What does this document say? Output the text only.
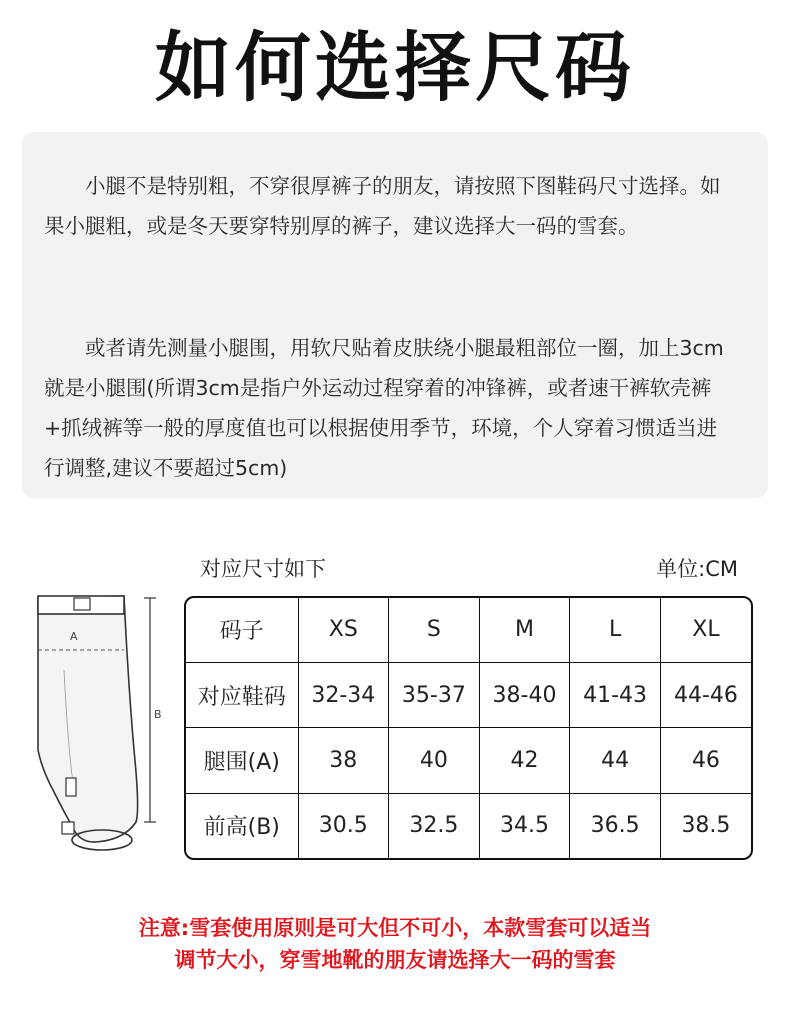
如何选择尺码
小腿不是特别粗，不穿很厚裤子的朋友，请按照下图鞋码尺寸选择。如果小腿粗，或是冬天要穿特别厚的裤子，建议选择大一码的雪套。
或者请先测量小腿围，用软尺贴着皮肤绕小腿最粗部位一圈，加上3cm就是小腿围(所谓3cm是指户外运动过程穿着的冲锋裤，或者速干裤软壳裤+抓绒裤等一般的厚度值也可以根据使用季节，环境，个人穿着习惯适当进行调整,建议不要超过5cm)
A
B
对应尺寸如下	单位:CM
码子	XS	S	M	L	XL
对应鞋码	32-34	35-37	38-40	41-43	44-46
腿围(A)	38	40	42	44	46
前高(B)	30.5	32.5	34.5	36.5	38.5
注意:雪套使用原则是可大但不可小，本款雪套可以适当
调节大小，穿雪地靴的朋友请选择大一码的雪套
